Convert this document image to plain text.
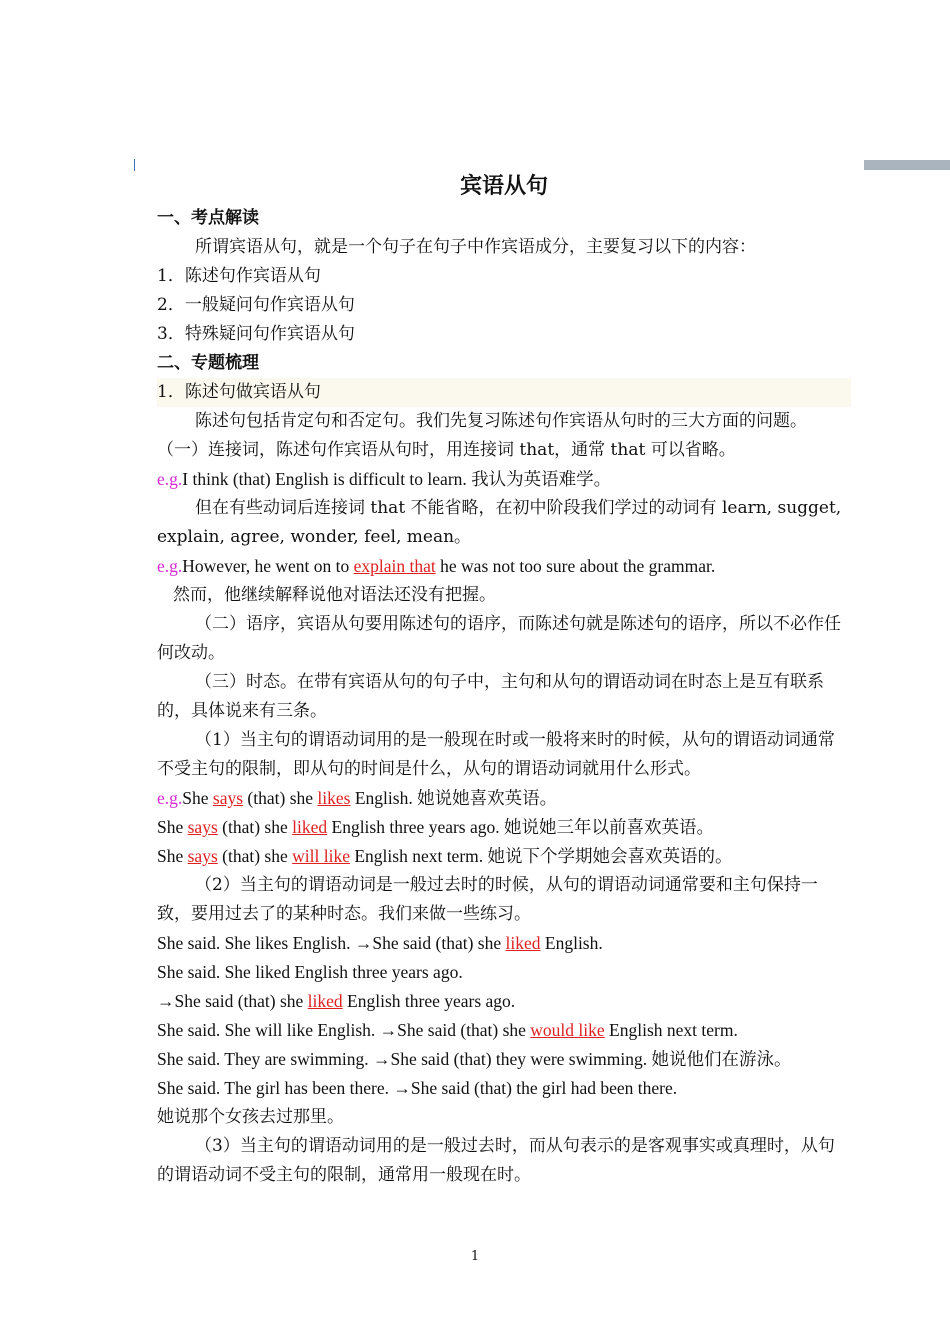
宾语从句
一、考点解读

所谓宾语从句，就是一个句子在句子中作宾语成分，主要复习以下的内容：

1．陈述句作宾语从句

2．一般疑问句作宾语从句

3．特殊疑问句作宾语从句

二、专题梳理

1．陈述句做宾语从句

陈述句包括肯定句和否定句。我们先复习陈述句作宾语从句时的三大方面的问题。

（一）连接词，陈述句作宾语从句时，用连接词 that，通常 that 可以省略。

e.g.I think (that) English is difficult to learn. 我认为英语难学。

但在有些动词后连接词 that 不能省略，在初中阶段我们学过的动词有 learn, sugget, explain, agree, wonder, feel, mean。

e.g.However, he went on to explain that he was not too sure about the grammar.

然而，他继续解释说他对语法还没有把握。

（二）语序，宾语从句要用陈述句的语序，而陈述句就是陈述句的语序，所以不必作任何改动。

（三）时态。在带有宾语从句的句子中，主句和从句的谓语动词在时态上是互有联系的，具体说来有三条。

（1）当主句的谓语动词用的是一般现在时或一般将来时的时候，从句的谓语动词通常不受主句的限制，即从句的时间是什么，从句的谓语动词就用什么形式。

e.g.She says (that) she likes English. 她说她喜欢英语。

She says (that) she liked English three years ago. 她说她三年以前喜欢英语。

She says (that) she will like English next term. 她说下个学期她会喜欢英语的。

（2）当主句的谓语动词是一般过去时的时候，从句的谓语动词通常要和主句保持一致，要用过去了的某种时态。我们来做一些练习。

She said. She likes English. →She said (that) she liked English.

She said. She liked English three years ago.

→She said (that) she liked English three years ago.

She said. She will like English. →She said (that) she would like English next term.

She said. They are swimming. →She said (that) they were swimming. 她说他们在游泳。

She said. The girl has been there. →She said (that) the girl had been there.

她说那个女孩去过那里。

（3）当主句的谓语动词用的是一般过去时，而从句表示的是客观事实或真理时，从句的谓语动词不受主句的限制，通常用一般现在时。

1
